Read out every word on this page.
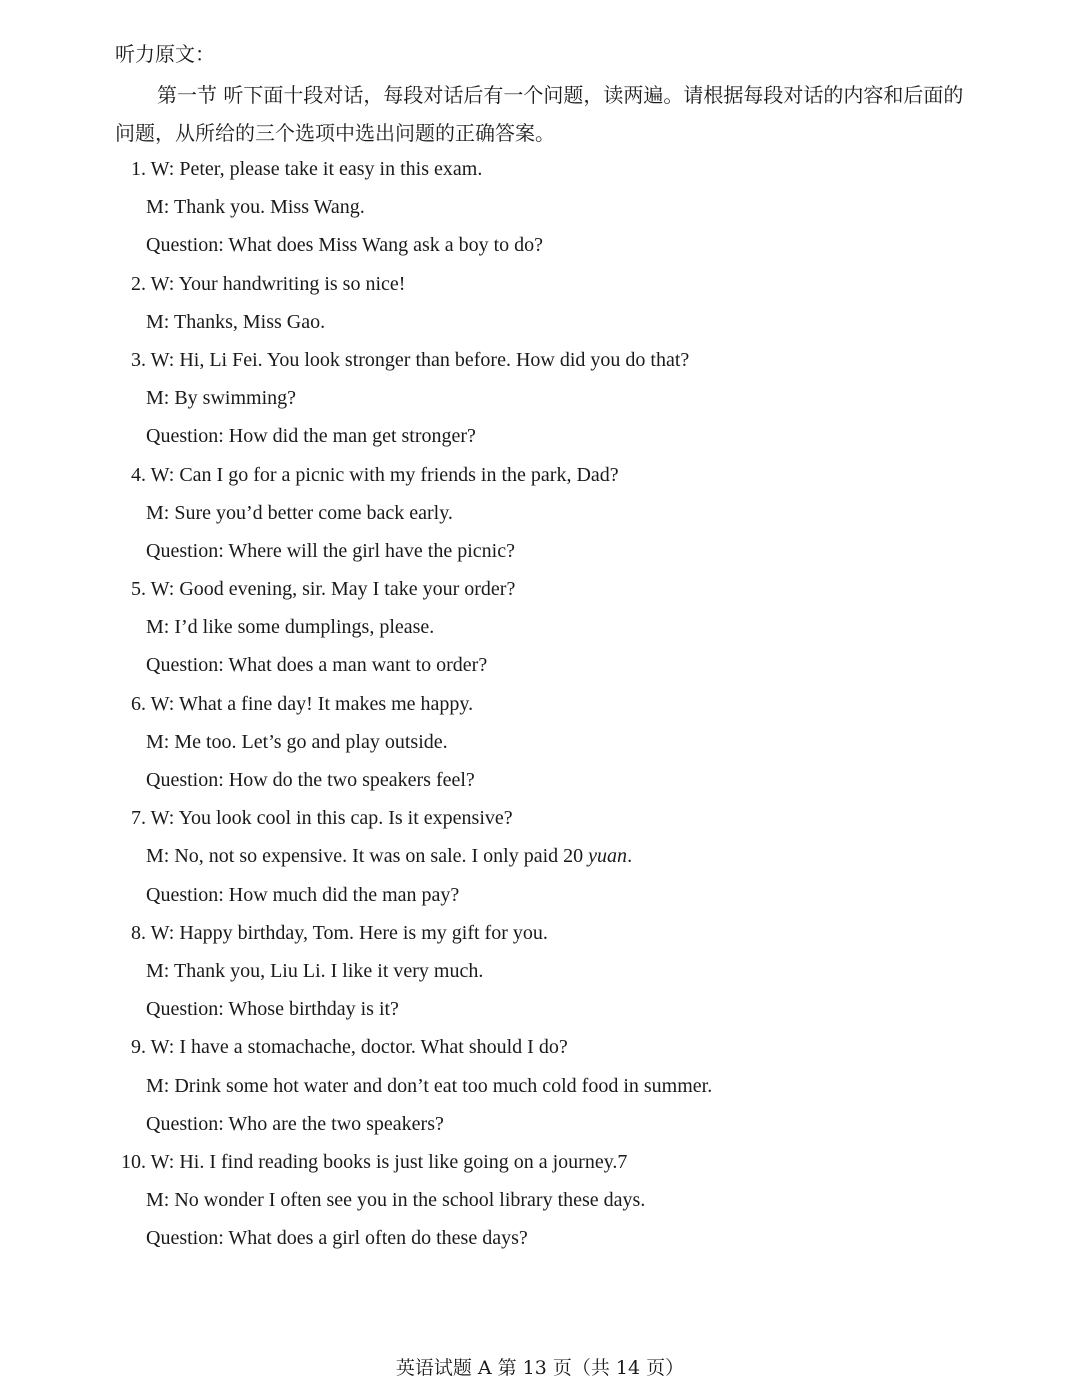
听力原文：
第一节 听下面十段对话，每段对话后有一个问题，读两遍。请根据每段对话的内容和后面的问题，从所给的三个选项中选出问题的正确答案。
1. W: Peter, please take it easy in this exam.
M: Thank you. Miss Wang.
Question: What does Miss Wang ask a boy to do?
2. W: Your handwriting is so nice!
M: Thanks, Miss Gao.
3. W: Hi, Li Fei. You look stronger than before. How did you do that?
M: By swimming?
Question: How did the man get stronger?
4. W: Can I go for a picnic with my friends in the park, Dad?
M: Sure you’d better come back early.
Question: Where will the girl have the picnic?
5. W: Good evening, sir. May I take your order?
M: I’d like some dumplings, please.
Question: What does a man want to order?
6. W: What a fine day! It makes me happy.
M: Me too. Let’s go and play outside.
Question: How do the two speakers feel?
7. W: You look cool in this cap. Is it expensive?
M: No, not so expensive. It was on sale. I only paid 20 yuan.
Question: How much did the man pay?
8. W: Happy birthday, Tom. Here is my gift for you.
M: Thank you, Liu Li. I like it very much.
Question: Whose birthday is it?
9. W: I have a stomachache, doctor. What should I do?
M: Drink some hot water and don’t eat too much cold food in summer.
Question: Who are the two speakers?
10. W: Hi. I find reading books is just like going on a journey.7
M: No wonder I often see you in the school library these days.
Question: What does a girl often do these days?
英语试题 A 第 13 页（共 14 页）
